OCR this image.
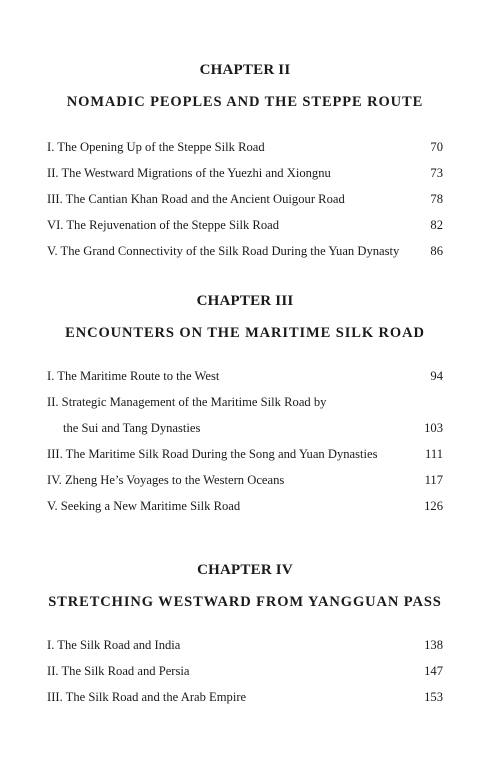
CHAPTER II
NOMADIC PEOPLES AND THE STEPPE ROUTE
I. The Opening Up of the Steppe Silk Road	70
II. The Westward Migrations of the Yuezhi and Xiongnu	73
III. The Cantian Khan Road and the Ancient Ouigour Road	78
VI. The Rejuvenation of the Steppe Silk Road	82
V. The Grand Connectivity of the Silk Road During the Yuan Dynasty 86
CHAPTER III
ENCOUNTERS ON THE MARITIME SILK ROAD
I. The Maritime Route to the West	94
II. Strategic Management of the Maritime Silk Road by
the Sui and Tang Dynasties	103
III. The Maritime Silk Road During the Song and Yuan Dynasties	111
IV. Zheng He’s Voyages to the Western Oceans	117
V. Seeking a New Maritime Silk Road	126
CHAPTER IV
STRETCHING WESTWARD FROM YANGGUAN PASS
I. The Silk Road and India	138
II. The Silk Road and Persia	147
III. The Silk Road and the Arab Empire	153
